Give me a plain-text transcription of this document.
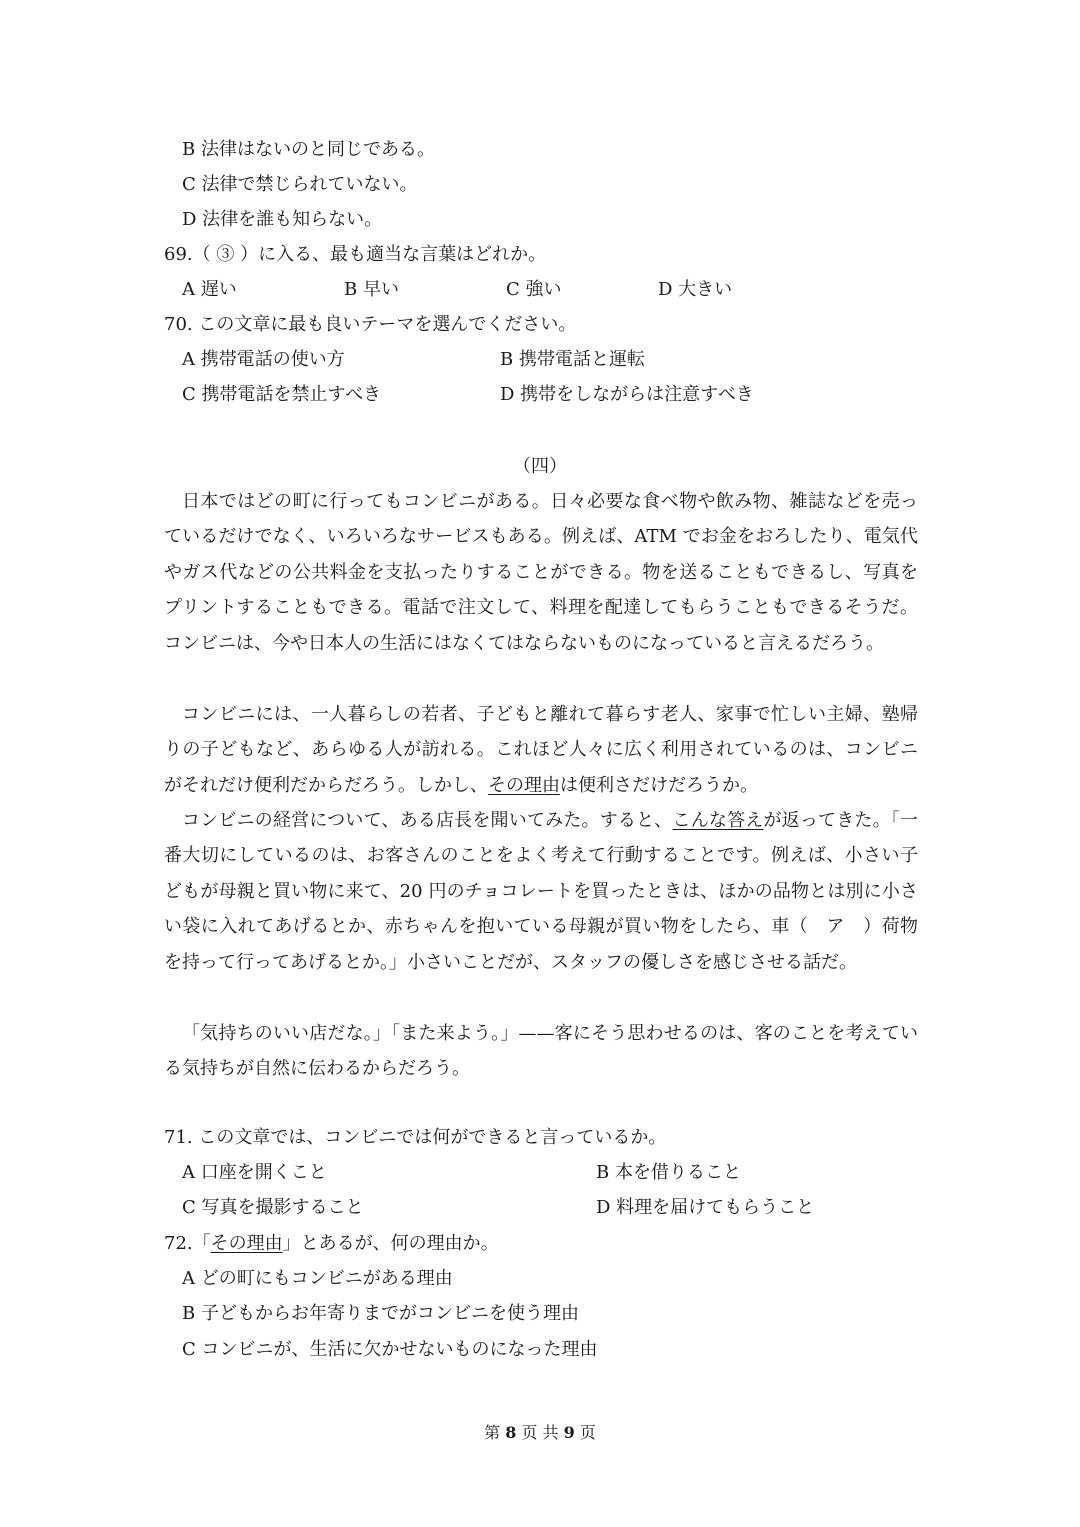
B 法律はないのと同じである。
C 法律で禁じられていない。
D 法律を誰も知らない。
69.（ ③ ）に入る、最も適当な言葉はどれか。
A 遅い	B 早い	C 強い	D 大きい
70. この文章に最も良いテーマを選んでください。
A 携帯電話の使い方	B 携帯電話と運転
C 携帯電話を禁止すべき	D 携帯をしながらは注意すべき
（四）
日本ではどの町に行ってもコンビニがある。日々必要な食べ物や飲み物、雑誌などを売っているだけでなく、いろいろなサービスもある。例えば、ATM でお金をおろしたり、電気代やガス代などの公共料金を支払ったりすることができる。物を送ることもできるし、写真をプリントすることもできる。電話で注文して、料理を配達してもらうこともできるそうだ。コンビニは、今や日本人の生活にはなくてはならないものになっていると言えるだろう。
コンビニには、一人暮らしの若者、子どもと離れて暮らす老人、家事で忙しい主婦、塾帰りの子どもなど、あらゆる人が訪れる。これほど人々に広く利用されているのは、コンビニがそれだけ便利だからだろう。しかし、その理由は便利さだけだろうか。
コンビニの経営について、ある店長を聞いてみた。すると、こんな答えが返ってきた。「一番大切にしているのは、お客さんのことをよく考えて行動することです。例えば、小さい子どもが母親と買い物に来て、20 円のチョコレートを買ったときは、ほかの品物とは別に小さい袋に入れてあげるとか、赤ちゃんを抱いている母親が買い物をしたら、車（　ア　）荷物を持って行ってあげるとか。」小さいことだが、スタッフの優しさを感じさせる話だ。
「気持ちのいい店だな。」「また来よう。」——客にそう思わせるのは、客のことを考えている気持ちが自然に伝わるからだろう。
71. この文章では、コンビニでは何ができると言っているか。
A 口座を開くこと	B 本を借りること
C 写真を撮影すること	D 料理を届けてもらうこと
72.「その理由」とあるが、何の理由か。
A どの町にもコンビニがある理由
B 子どもからお年寄りまでがコンビニを使う理由
C コンビニが、生活に欠かせないものになった理由
第 8 页 共 9 页
